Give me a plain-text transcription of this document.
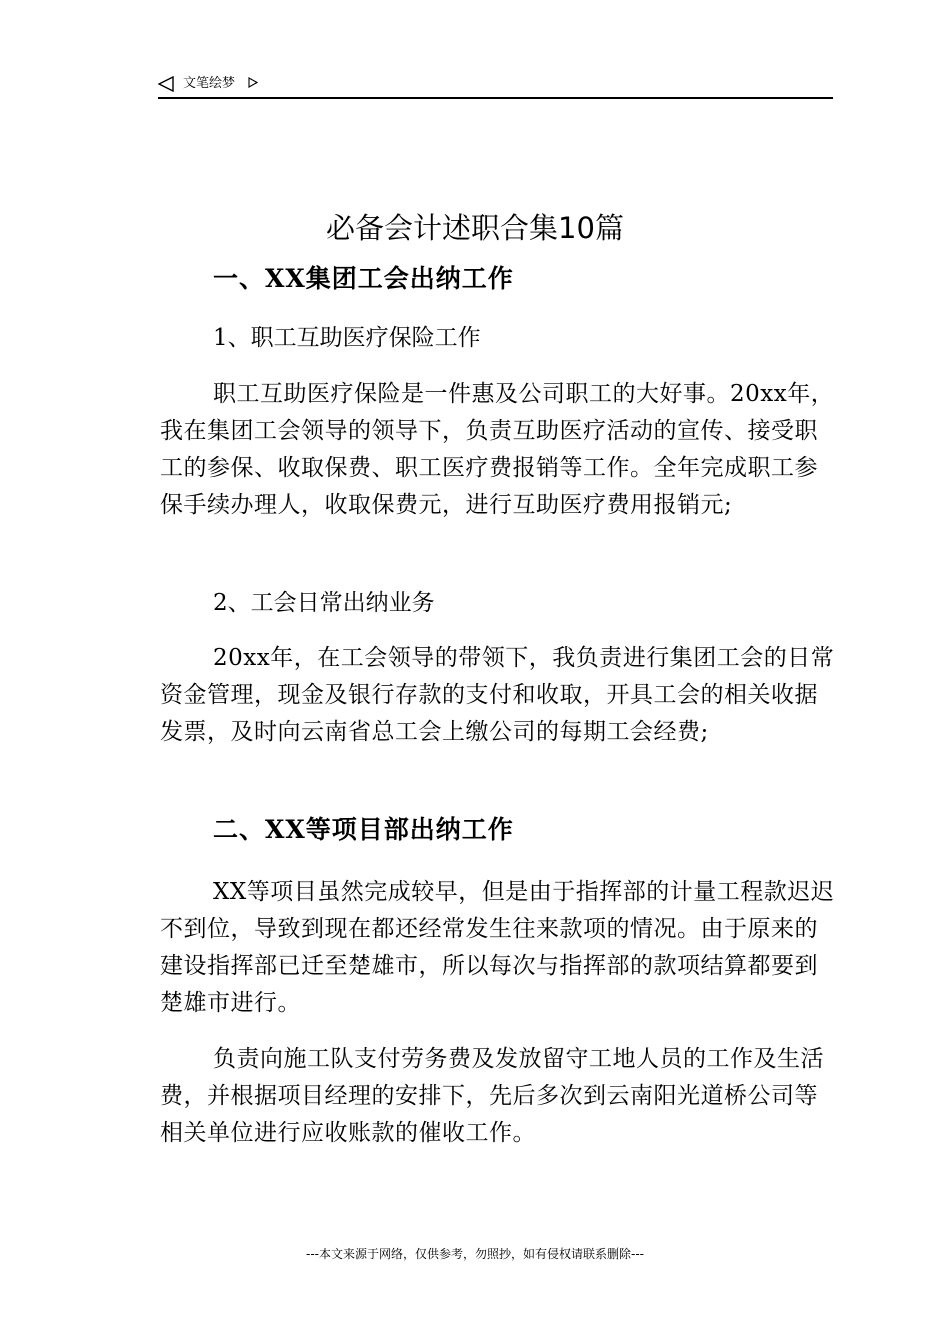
文笔绘梦
必备会计述职合集10篇
一、XX集团工会出纳工作

1、职工互助医疗保险工作

职工互助医疗保险是一件惠及公司职工的大好事。20xx年，我在集团工会领导的领导下，负责互助医疗活动的宣传、接受职工的参保、收取保费、职工医疗费报销等工作。全年完成职工参保手续办理人，收取保费元，进行互助医疗费用报销元;

2、工会日常出纳业务

20xx年，在工会领导的带领下，我负责进行集团工会的日常资金管理，现金及银行存款的支付和收取，开具工会的相关收据发票，及时向云南省总工会上缴公司的每期工会经费;

二、XX等项目部出纳工作

XX等项目虽然完成较早，但是由于指挥部的计量工程款迟迟不到位，导致到现在都还经常发生往来款项的情况。由于原来的建设指挥部已迁至楚雄市，所以每次与指挥部的款项结算都要到楚雄市进行。

负责向施工队支付劳务费及发放留守工地人员的工作及生活费，并根据项目经理的安排下，先后多次到云南阳光道桥公司等相关单位进行应收账款的催收工作。

---本文来源于网络，仅供参考，勿照抄，如有侵权请联系删除---
